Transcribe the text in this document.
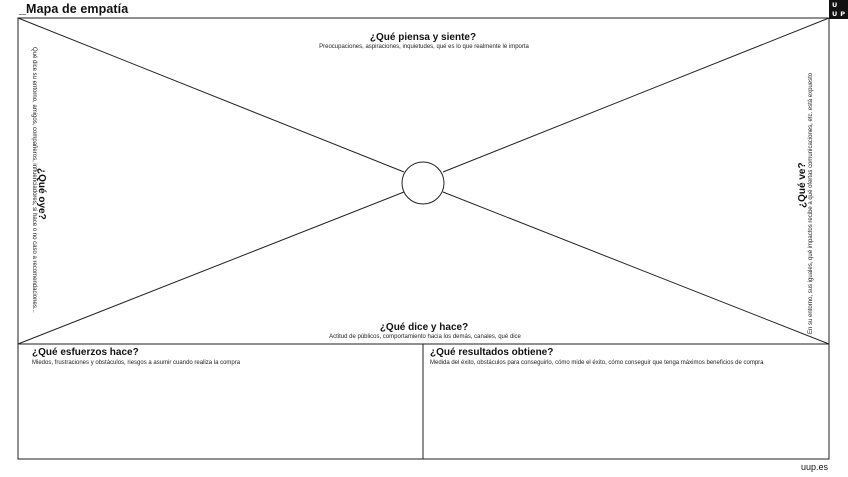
_Mapa de empatía	U
UP
¿Qué piensa y siente?
Preocupaciones, aspiraciones, inquietudes, qué es lo que realmente le importa
¿Qué oye?
Qué dice su entorno, amigos, compañeros, influenciadores, si hace o no caso a recomendaciones...	¿Qué ve? En su entorno, sus iguales, qué impactos recibe a qué ofertas comunicaciones, etc. está expuesto
¿Qué dice y hace?
Actitud de públicos, comportamiento hacia los demás, canales, qué dice
¿Qué esfuerzos hace?
Miedos, frustraciones y obstáculos, riesgos a asumir cuando realiza la compra
¿Qué resultados obtiene?
Medida del éxito, obstáculos para conseguirlo, cómo mide el éxito, cómo conseguir que tenga máximos beneficios de compra
uup.es
